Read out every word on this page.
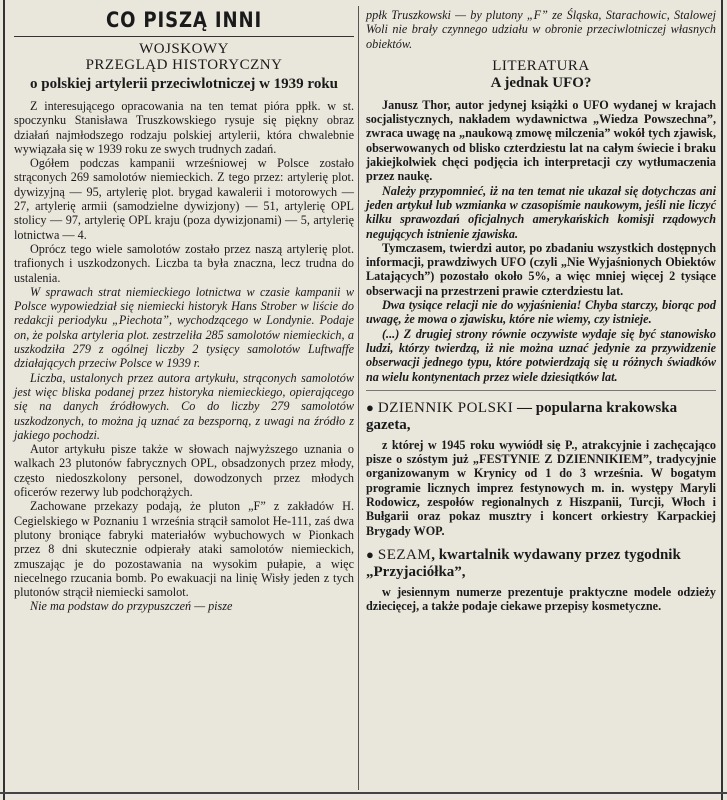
CO PISZĄ INNI
WOJSKOWY
PRZEGLĄD HISTORYCZNY
o polskiej artylerii przeciwlotniczej w 1939 roku

Z interesującego opracowania na ten temat pióra ppłk. w st. spoczynku Stanisława Truszkowskiego rysuje się piękny obraz działań najmłodszego rodzaju polskiej artylerii, która chwalebnie wywiązała się w 1939 roku ze swych trudnych zadań.

Ogółem podczas kampanii wrześniowej w Polsce zostało strąconych 269 samolotów niemieckich. Z tego przez: artylerię plot. dywizyjną — 95, artylerię plot. brygad kawalerii i motorowych — 27, artylerię armii (samodzielne dywizjony) — 51, artylerię OPL stolicy — 97, artylerię OPL kraju (poza dywizjonami) — 5, artylerię lotnictwa — 4.

Oprócz tego wiele samolotów zostało przez naszą artylerię plot. trafionych i uszkodzonych. Liczba ta była znaczna, lecz trudna do ustalenia.

W sprawach strat niemieckiego lotnictwa w czasie kampanii w Polsce wypowiedział się niemiecki historyk Hans Strober w liście do redakcji periodyku „Piechota”, wychodzącego w Londynie. Podaje on, że polska artyleria plot. zestrzeliła 285 samolotów niemieckich, a uszkodziła 279 z ogólnej liczby 2 tysięcy samolotów Luftwaffe działających przeciw Polsce w 1939 r.

Liczba, ustalonych przez autora artykułu, strąconych samolotów jest więc bliska podanej przez historyka niemieckiego, opierającego się na danych źródłowych. Co do liczby 279 samolotów uszkodzonych, to można ją uznać za bezsporną, z uwagi na źródło z jakiego pochodzi.

Autor artykułu pisze także w słowach najwyższego uznania o walkach 23 plutonów fabrycznych OPL, obsadzonych przez młody, często niedoszkolony personel, dowodzonych przez młodych oficerów rezerwy lub podchorążych.

Zachowane przekazy podają, że pluton „F” z zakładów H. Cegielskiego w Poznaniu 1 września strącił samolot He-111, zaś dwa plutony broniące fabryki materiałów wybuchowych w Pionkach przez 8 dni skutecznie odpierały ataki samolotów niemieckich, zmuszając je do pozostawania na wysokim pułapie, a więc niecelnego rzucania bomb. Po ewakuacji na linię Wisły jeden z tych plutonów strącił niemiecki samolot.

Nie ma podstaw do przypuszczeń — pisze

ppłk Truszkowski — by plutony „F” ze Śląska, Starachowic, Stalowej Woli nie brały czynnego udziału w obronie przeciwlotniczej własnych obiektów.

LITERATURA
A jednak UFO?

Janusz Thor, autor jedynej książki o UFO wydanej w krajach socjalistycznych, nakładem wydawnictwa „Wiedza Powszechna”, zwraca uwagę na „naukową zmowę milczenia” wokół tych zjawisk, obserwowanych od blisko czterdziestu lat na całym świecie i braku jakiejkolwiek chęci podjęcia ich interpretacji czy wytłumaczenia przez naukę.

Należy przypomnieć, iż na ten temat nie ukazał się dotychczas ani jeden artykuł lub wzmianka w czasopiśmie naukowym, jeśli nie liczyć kilku sprawozdań oficjalnych amerykańskich komisji rządowych negujących istnienie zjawiska.

Tymczasem, twierdzi autor, po zbadaniu wszystkich dostępnych informacji, prawdziwych UFO (czyli „Nie Wyjaśnionych Obiektów Latających”) pozostało około 5%, a więc mniej więcej 2 tysiące obserwacji na przestrzeni prawie czterdziestu lat.

Dwa tysiące relacji nie do wyjaśnienia! Chyba starczy, biorąc pod uwagę, że mowa o zjawisku, które nie wiemy, czy istnieje.

(...) Z drugiej strony równie oczywiste wydaje się być stanowisko ludzi, którzy twierdzą, iż nie można uznać jedynie za przywidzenie obserwacji jednego typu, które potwierdzają się u różnych świadków na wielu kontynentach przez wiele dziesiątków lat.

● DZIENNIK POLSKI — popularna krakowska gazeta,

z której w 1945 roku wywiódł się P., atrakcyjnie i zachęcająco pisze o szóstym już „FESTYNIE Z DZIENNIKIEM”, tradycyjnie organizowanym w Krynicy od 1 do 3 września. W bogatym programie licznych imprez festynowych m. in. występy Maryli Rodowicz, zespołów regionalnych z Hiszpanii, Turcji, Włoch i Bułgarii oraz pokaz musztry i koncert orkiestry Karpackiej Brygady WOP.

● SEZAM, kwartalnik wydawany przez tygodnik „Przyjaciółka”,

w jesiennym numerze prezentuje praktyczne modele odzieży dziecięcej, a także podaje ciekawe przepisy kosmetyczne.
